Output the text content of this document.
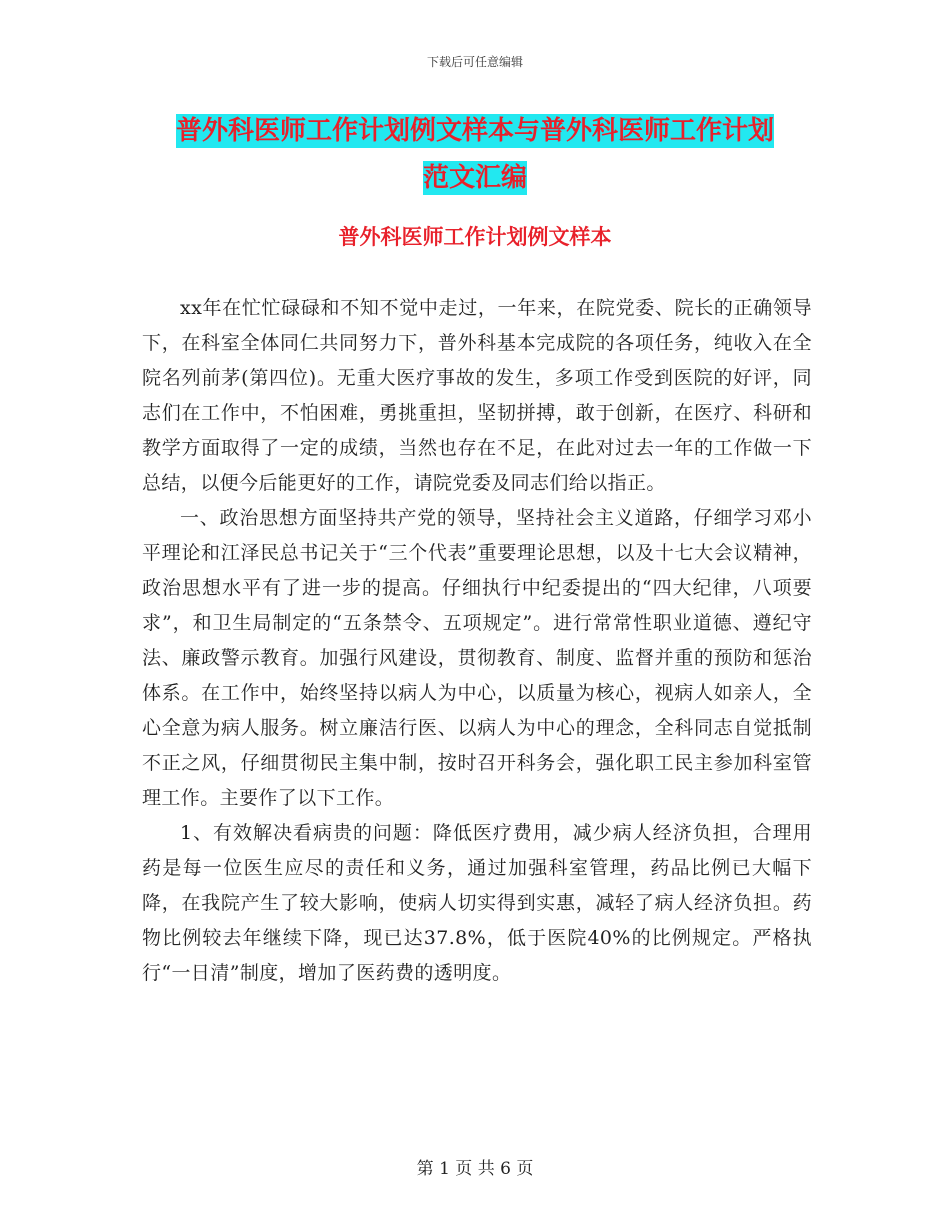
下载后可任意编辑
普外科医师工作计划例文样本与普外科医师工作计划
范文汇编
普外科医师工作计划例文样本

xx年在忙忙碌碌和不知不觉中走过，一年来，在院党委、院长的正确领导下，在科室全体同仁共同努力下，普外科基本完成院的各项任务，纯收入在全院名列前茅(第四位)。无重大医疗事故的发生，多项工作受到医院的好评，同志们在工作中，不怕困难，勇挑重担，坚韧拼搏，敢于创新，在医疗、科研和教学方面取得了一定的成绩，当然也存在不足，在此对过去一年的工作做一下总结，以便今后能更好的工作，请院党委及同志们给以指正。

一、政治思想方面坚持共产党的领导，坚持社会主义道路，仔细学习邓小平理论和江泽民总书记关于“三个代表”重要理论思想，以及十七大会议精神，政治思想水平有了进一步的提高。仔细执行中纪委提出的“四大纪律，八项要求”，和卫生局制定的“五条禁令、五项规定”。进行常常性职业道德、遵纪守法、廉政警示教育。加强行风建设，贯彻教育、制度、监督并重的预防和惩治体系。在工作中，始终坚持以病人为中心，以质量为核心，视病人如亲人，全心全意为病人服务。树立廉洁行医、以病人为中心的理念，全科同志自觉抵制不正之风，仔细贯彻民主集中制，按时召开科务会，强化职工民主参加科室管理工作。主要作了以下工作。

1、有效解决看病贵的问题：降低医疗费用，减少病人经济负担，合理用药是每一位医生应尽的责任和义务，通过加强科室管理，药品比例已大幅下降，在我院产生了较大影响，使病人切实得到实惠，减轻了病人经济负担。药物比例较去年继续下降，现已达37.8%，低于医院40%的比例规定。严格执行“一日清”制度，增加了医药费的透明度。

第 1 页 共 6 页
